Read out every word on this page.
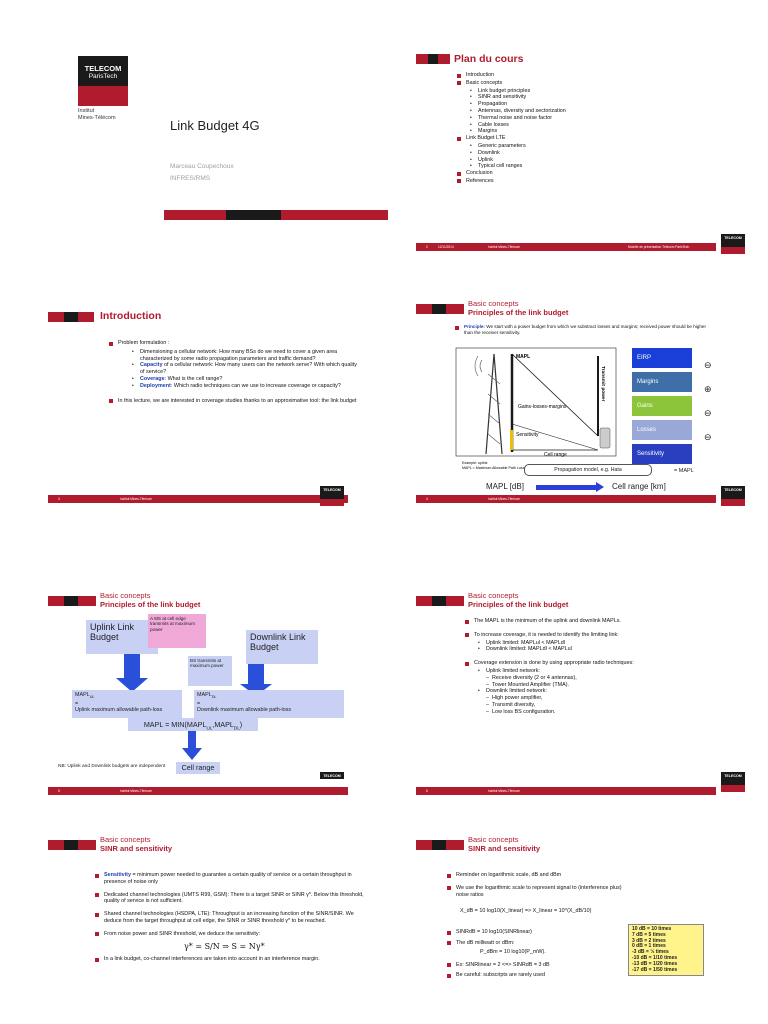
TELECOM
ParisTech
Institut
Mines-Télécom	Link Budget 4G
Marceau Coupechoux
INFRES/RMS
Plan du cours
Introduction
Basic concepts
• Link budget principles
• SINR and sensitivity
• Propagation
• Antennas, diversity and sectorization
• Thermal noise and noise factor
• Cable losses
• Margins
Link Budget LTE
• Generic parameters
• Downlink
• Uplink
• Typical cell ranges
Conclusion
References
2	12/11/2014	Institut Mines-Télécom	Modèle de présentation Télécom ParisTech
TELECOM
Introduction
Problem formulation :
• Dimensioning a cellular network: How many BSs do we need to cover a given area characterized by some radio propagation parameters and traffic demand?
• Capacity of a cellular network: How many users can the network serve? With which quality of service?
• Coverage: What is the cell range?
• Deployment: Which radio techniques can we use to increase coverage or capacity?
In this lecture, we are interested in coverage studies thanks to an approximative tool: the link budget
3	Institut Mines-Télécom
TELECOM
Basic concepts
Principles of the link budget
Principle: We start with a power budget from which we substract losses and margins; received power should be higher than the receiver sensitivity.
MAPL
Gains-losses-margins
Sensitivity
Cell range
Transmit power
Example: uplink
MAPL = Maximum Allowable Path Loss
EIRP
Margins
Gains
Losses
Sensitivity
⊖
⊕
⊖
⊖
= MAPL
Propagation model, e.g. Hata
MAPL [dB]	Cell range [km]
4	Institut Mines-Télécom
TELECOM
Basic concepts
Principles of the link budget
Uplink Link Budget
A MS at cell edge transmits at maximum power
Downlink Link Budget
BS transmits at maximum power
$MAPL_{UL}$
=
Uplink maximum allowable path-loss
$MAPL_{DL}$
=
Downlink maximum allowable path-loss
MAPL = $MIN(MAPL_{UL},MAPL_{DL})$
Cell range
NB: Uplink and Downlink budgets are independent
TELECOM
5	Institut Mines-Télécom
Basic concepts
Principles of the link budget
The MAPL is the minimum of the uplink and downlink MAPLs.
To increase coverage, it is needed to identify the limiting link:
• Uplink limited: MAPLul < MAPLdl
• Downlink limited: MAPLdl < MAPLul
Coverage extension is done by using appropriate radio techniques:
• Uplink limited network:
– Receive diversity (2 or 4 antennas),
– Tower Mounted Amplifier (TMA).
• Downlink limited network:
– High power amplifier,
– Transmit diversity,
– Low loss BS configuration.
6	Institut Mines-Télécom
TELECOM
Basic concepts
SINR and sensitivity
Sensitivity = minimum power needed to guarantee a certain quality of service or a certain throughput in presence of noise only
Dedicated channel technologies (UMTS R99, GSM): There is a target SINR or SINR γ*. Below this threshold, quality of service is not sufficient.
Shared channel technologies (HSDPA, LTE): Throughput is an increasing function of the SINR/SINR. We deduce from the target throughput at cell edge, the SINR or SINR threshold γ* to be reached.
From noise power and SINR threshold, we deduce the sensitivity:
γ* = S/N ⇒ S = Nγ*
In a link budget, co-channel interferences are taken into account in an interference margin.
Basic concepts
SINR and sensitivity
Reminder on logarithmic scale, dB and dBm
We use the logarithmic scale to represent signal to (interference plus) noise ratios
X_dB = 10 log10(X_linear) => X_linear = 10^(X_dB/10)
SINRdB = 10 log10(SINRlinear)
The dB milliwatt or dBm:
P_dBm = 10 log10(P_mW).
Ex: SINRlinear = 2 <=> SINRdB = 3 dB
Be careful: subscripts are rarely used
10 dB = 10 times
7 dB = 5 times
3 dB = 2 times
0 dB = 1 times
-3 dB = ½ times
-10 dB = 1/10 times
-13 dB = 1/20 times
-17 dB = 1/50 times
